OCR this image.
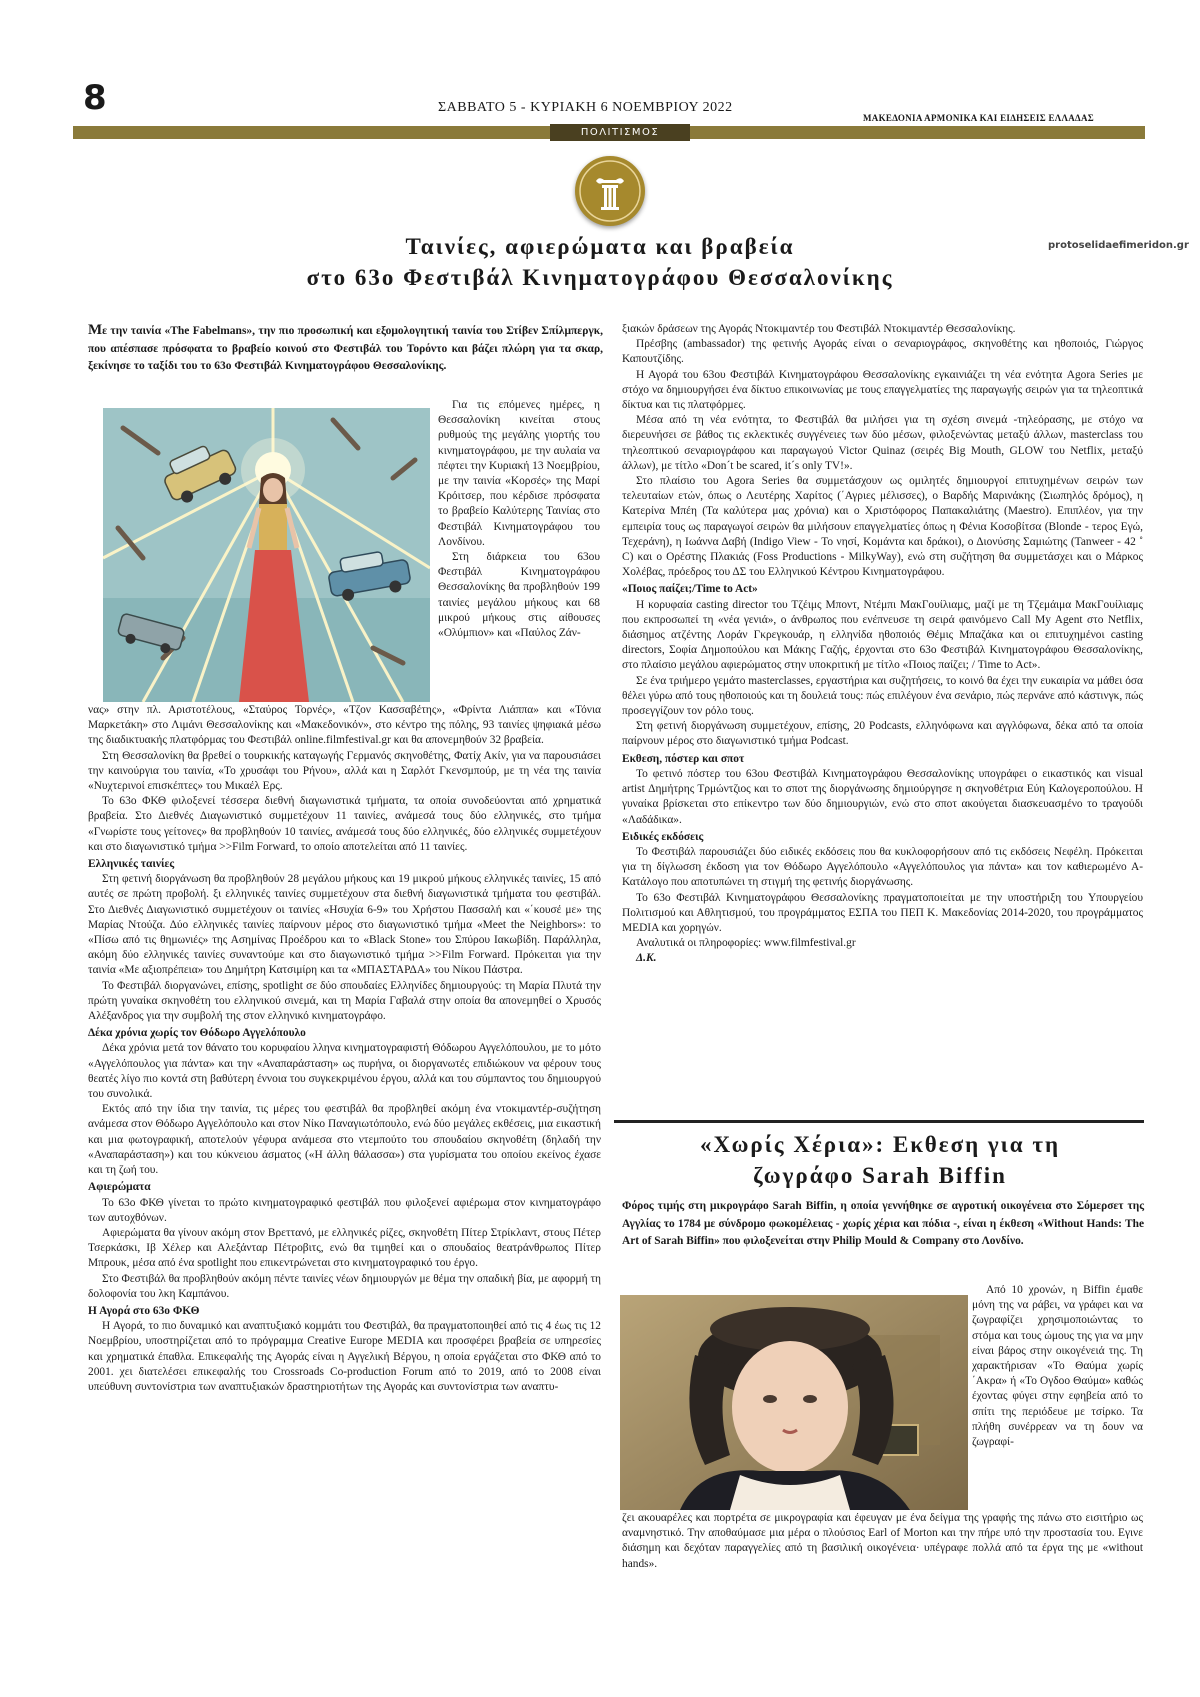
8	ΣΑΒΒΑΤΟ 5 - ΚΥΡΙΑΚΗ 6 ΝΟΕΜΒΡΙΟΥ 2022
ΜΑΚΕΔΟΝΙΑ ΑΡΜΟΝΙΚΑ ΚΑΙ ΕΙΔΗΣΕΙΣ ΕΛΛΑΔΑΣ
ΠΟΛΙΤΙΣΜΟΣ
protoselidaefimeridon.gr
Ταινίες, αφιερώματα και βραβεία
στο 63ο Φεστιβάλ Κινηματογράφου Θεσσαλονίκης
Με την ταινία «The Fabelmans», την πιο προσωπική και εξομολογητική ταινία του Στίβεν Σπίλμπεργκ, που απέσπασε πρόσφατα το βραβείο κοινού στο Φεστιβάλ του Τορόντο και βάζει πλώρη για τα σκαρ, ξεκίνησε το ταξίδι του το 63ο Φεστιβάλ Κινηματογράφου Θεσσαλονίκης.

Για τις επόμενες ημέρες, η Θεσσαλονίκη κινείται στους ρυθμούς της μεγάλης γιορτής του κινηματογράφου, με την αυλαία να πέφτει την Κυριακή 13 Νοεμβρίου, με την ταινία «Κορσές» της Μαρί Κρόιτσερ, που κέρδισε πρόσφατα το βραβείο Καλύτερης Ταινίας στο Φεστιβάλ Κινηματογράφου του Λονδίνου.

Στη διάρκεια του 63ου Φεστιβάλ Κινηματογράφου Θεσσαλονίκης θα προβληθούν 199 ταινίες μεγάλου μήκους και 68 μικρού μήκους στις αίθουσες «Ολύμπιον» και «Παύλος Ζάν-

νας» στην πλ. Αριστοτέλους, «Σταύρος Τορνές», «Τζον Κασσαβέτης», «Φρίντα Λιάππα» και «Τόνια Μαρκετάκη» στο Λιμάνι Θεσσαλονίκης και «Μακεδονικόν», στο κέντρο της πόλης, 93 ταινίες ψηφιακά μέσω της διαδικτυακής πλατφόρμας του Φεστιβάλ online.filmfestival.gr και θα απονεμηθούν 32 βραβεία.

Στη Θεσσαλονίκη θα βρεθεί ο τουρκικής καταγωγής Γερμανός σκηνοθέτης, Φατίχ Ακίν, για να παρουσιάσει την καινούργια του ταινία, «Το χρυσάφι του Ρήνου», αλλά και η Σαρλότ Γκενσμπούρ, με τη νέα της ταινία «Νυχτερινοί επισκέπτες» του Μικαέλ Ερς.

Το 63ο ΦΚΘ φιλοξενεί τέσσερα διεθνή διαγωνιστικά τμήματα, τα οποία συνοδεύονται από χρηματικά βραβεία. Στο Διεθνές Διαγωνιστικό συμμετέχουν 11 ταινίες, ανάμεσά τους δύο ελληνικές, στο τμήμα «Γνωρίστε τους γείτονες» θα προβληθούν 10 ταινίες, ανάμεσά τους δύο ελληνικές, δύο ελληνικές συμμετέχουν και στο διαγωνιστικό τμήμα >>Film Forward, το οποίο αποτελείται από 11 ταινίες.

Ελληνικές ταινίες

Στη φετινή διοργάνωση θα προβληθούν 28 μεγάλου μήκους και 19 μικρού μήκους ελληνικές ταινίες, 15 από αυτές σε πρώτη προβολή. ξι ελληνικές ταινίες συμμετέχουν στα διεθνή διαγωνιστικά τμήματα του φεστιβάλ. Στο Διεθνές Διαγωνιστικό συμμετέχουν οι ταινίες «Ησυχία 6-9» του Χρήστου Πασσαλή και «΄κουσέ με» της Μαρίας Ντούζα. Δύο ελληνικές ταινίες παίρνουν μέρος στο διαγωνιστικό τμήμα «Meet the Neighbors»: το «Πίσω από τις θημωνιές» της Ασημίνας Προέδρου και το «Black Stone» του Σπύρου Ιακωβίδη. Παράλληλα, ακόμη δύο ελληνικές ταινίες συναντούμε και στο διαγωνιστικό τμήμα >>Film Forward. Πρόκειται για την ταινία «Με αξιοπρέπεια» του Δημήτρη Κατσιμίρη και τα «ΜΠΑΣΤΑΡΔΑ» του Νίκου Πάστρα.

Το Φεστιβάλ διοργανώνει, επίσης, spotlight σε δύο σπουδαίες Ελληνίδες δημιουργούς: τη Μαρία Πλυτά την πρώτη γυναίκα σκηνοθέτη του ελληνικού σινεμά, και τη Μαρία Γαβαλά στην οποία θα απονεμηθεί ο Χρυσός Αλέξανδρος για την συμβολή της στον ελληνικό κινηματογράφο.

Δέκα χρόνια χωρίς τον Θόδωρο Αγγελόπουλο

Δέκα χρόνια μετά τον θάνατο του κορυφαίου λληνα κινηματογραφιστή Θόδωρου Αγγελόπουλου, με το μότο «Αγγελόπουλος για πάντα» και την «Αναπαράσταση» ως πυρήνα, οι διοργανωτές επιδιώκουν να φέρουν τους θεατές λίγο πιο κοντά στη βαθύτερη έννοια του συγκεκριμένου έργου, αλλά και του σύμπαντος του δημιουργού του συνολικά.

Εκτός από την ίδια την ταινία, τις μέρες του φεστιβάλ θα προβληθεί ακόμη ένα ντοκιμαντέρ-συζήτηση ανάμεσα στον Θόδωρο Αγγελόπουλο και στον Νίκο Παναγιωτόπουλο, ενώ δύο μεγάλες εκθέσεις, μια εικαστική και μια φωτογραφική, αποτελούν γέφυρα ανάμεσα στο ντεμπούτο του σπουδαίου σκηνοθέτη (δηλαδή την «Αναπαράσταση») και του κύκνειου άσματος («Η άλλη θάλασσα») στα γυρίσματα του οποίου εκείνος έχασε και τη ζωή του.

Αφιερώματα

Το 63ο ΦΚΘ γίνεται το πρώτο κινηματογραφικό φεστιβάλ που φιλοξενεί αφιέρωμα στον κινηματογράφο των αυτοχθόνων.

Αφιερώματα θα γίνουν ακόμη στον Βρεττανό, με ελληνικές ρίζες, σκηνοθέτη Πίτερ Στρίκλαντ, στους Πέτερ Τσερκάσκι, Ιβ Χέλερ και Αλεξάνταρ Πέτροβιτς, ενώ θα τιμηθεί και ο σπουδαίος θεατράνθρωπος Πίτερ Μπρουκ, μέσα από ένα spotlight που επικεντρώνεται στο κινηματογραφικό του έργο.

Στο Φεστιβάλ θα προβληθούν ακόμη πέντε ταινίες νέων δημιουργών με θέμα την οπαδική βία, με αφορμή τη δολοφονία του λκη Καμπάνου.

Η Αγορά στο 63ο ΦΚΘ

Η Αγορά, το πιο δυναμικό και αναπτυξιακό κομμάτι του Φεστιβάλ, θα πραγματοποιηθεί από τις 4 έως τις 12 Νοεμβρίου, υποστηρίζεται από το πρόγραμμα Creative Europe MEDIA και προσφέρει βραβεία σε υπηρεσίες και χρηματικά έπαθλα. Επικεφαλής της Αγοράς είναι η Αγγελική Βέργου, η οποία εργάζεται στο ΦΚΘ από το 2001. χει διατελέσει επικεφαλής του Crossroads Co-production Forum από το 2019, από το 2008 είναι υπεύθυνη συντονίστρια των αναπτυξιακών δραστηριοτήτων της Αγοράς και συντονίστρια των αναπτυ-

ξιακών δράσεων της Αγοράς Ντοκιμαντέρ του Φεστιβάλ Ντοκιμαντέρ Θεσσαλονίκης.

Πρέσβης (ambassador) της φετινής Αγοράς είναι ο σεναριογράφος, σκηνοθέτης και ηθοποιός, Γιώργος Καπουτζίδης.

Η Αγορά του 63ου Φεστιβάλ Κινηματογράφου Θεσσαλονίκης εγκαινιάζει τη νέα ενότητα Agora Series με στόχο να δημιουργήσει ένα δίκτυο επικοινωνίας με τους επαγγελματίες της παραγωγής σειρών για τα τηλεοπτικά δίκτυα και τις πλατφόρμες.

Μέσα από τη νέα ενότητα, το Φεστιβάλ θα μιλήσει για τη σχέση σινεμά -τηλεόρασης, με στόχο να διερευνήσει σε βάθος τις εκλεκτικές συγγένειες των δύο μέσων, φιλοξενώντας μεταξύ άλλων, masterclass του τηλεοπτικού σεναριογράφου και παραγωγού Victor Quinaz (σειρές Big Mouth, GLOW του Netflix, μεταξύ άλλων), με τίτλο «Don´t be scared, it´s only TV!».

Στο πλαίσιο του Agora Series θα συμμετάσχουν ως ομιλητές δημιουργοί επιτυχημένων σειρών των τελευταίων ετών, όπως ο Λευτέρης Χαρίτος (΄Αγριες μέλισσες), ο Βαρδής Μαρινάκης (Σιωπηλός δρόμος), η Κατερίνα Μπέη (Τα καλύτερα μας χρόνια) και ο Χριστόφορος Παπακαλιάτης (Maestro). Επιπλέον, για την εμπειρία τους ως παραγωγοί σειρών θα μιλήσουν επαγγελματίες όπως η Φένια Κοσοβίτσα (Blonde - τερος Εγώ, Τεχεράνη), η Ιωάννα Δαβή (Indigo View - Το νησί, Κομάντα και δράκοι), ο Διονύσης Σαμιώτης (Tanweer - 42 ˚ C) και ο Ορέστης Πλακιάς (Foss Productions - MilkyWay), ενώ στη συζήτηση θα συμμετάσχει και ο Μάρκος Χολέβας, πρόεδρος του ΔΣ του Ελληνικού Κέντρου Κινηματογράφου.

«Ποιος παίζει;/Time to Act»

Η κορυφαία casting director του Τζέιμς Μποντ, Ντέμπι ΜακΓουίλιαμς, μαζί με τη Τζεμάιμα ΜακΓουίλιαμς που εκπροσωπεί τη «νέα γενιά», ο άνθρωπος που ενέπνευσε τη σειρά φαινόμενο Call My Agent στο Netflix, διάσημος ατζέντης Λοράν Γκρεγκουάρ, η ελληνίδα ηθοποιός Θέμις Μπαζάκα και οι επιτυχημένοι casting directors, Σοφία Δημοπούλου και Μάκης Γαζής, έρχονται στο 63ο Φεστιβάλ Κινηματογράφου Θεσσαλονίκης, στο πλαίσιο μεγάλου αφιερώματος στην υποκριτική με τίτλο «Ποιος παίζει; / Time to Act».

Σε ένα τριήμερο γεμάτο masterclasses, εργαστήρια και συζητήσεις, το κοινό θα έχει την ευκαιρία να μάθει όσα θέλει γύρω από τους ηθοποιούς και τη δουλειά τους: πώς επιλέγουν ένα σενάριο, πώς περνάνε από κάστινγκ, πώς προσεγγίζουν τον ρόλο τους.

Στη φετινή διοργάνωση συμμετέχουν, επίσης, 20 Podcasts, ελληνόφωνα και αγγλόφωνα, δέκα από τα οποία παίρνουν μέρος στο διαγωνιστικό τμήμα Podcast.

Εκθεση, πόστερ και σποτ

Το φετινό πόστερ του 63ου Φεστιβάλ Κινηματογράφου Θεσσαλονίκης υπογράφει ο εικαστικός και visual artist Δημήτρης Τρμώντζιος και το σποτ της διοργάνωσης δημιούργησε η σκηνοθέτρια Εύη Καλογεροπούλου. Η γυναίκα βρίσκεται στο επίκεντρο των δύο δημιουργιών, ενώ στο σποτ ακούγεται διασκευασμένο το τραγούδι «Λαδάδικα».

Ειδικές εκδόσεις

Το Φεστιβάλ παρουσιάζει δύο ειδικές εκδόσεις που θα κυκλοφορήσουν από τις εκδόσεις Νεφέλη. Πρόκειται για τη δίγλωσση έκδοση για τον Θόδωρο Αγγελόπουλο «Αγγελόπουλος για πάντα» και τον καθιερωμένο Α-Κατάλογο που αποτυπώνει τη στιγμή της φετινής διοργάνωσης.

Το 63ο Φεστιβάλ Κινηματογράφου Θεσσαλονίκης πραγματοποιείται με την υποστήριξη του Υπουργείου Πολιτισμού και Αθλητισμού, του προγράμματος ΕΣΠΑ του ΠΕΠ Κ. Μακεδονίας 2014-2020, του προγράμματος MEDIA και χορηγών.

Αναλυτικά οι πληροφορίες: www.filmfestival.gr

Δ.Κ.

«Χωρίς Χέρια»: Εκθεση για τη
ζωγράφο Sarah Biffin
Φόρος τιμής στη μικρογράφο Sarah Biffin, η οποία γεννήθηκε σε αγροτική οικογένεια στο Σόμερσετ της Αγγλίας το 1784 με σύνδρομο φωκομέλειας - χωρίς χέρια και πόδια -, είναι η έκθεση «Without Hands: The Art of Sarah Biffin» που φιλοξενείται στην Philip Mould & Company στο Λονδίνο.

Από 10 χρονών, η Biffin έμαθε μόνη της να ράβει, να γράφει και να ζωγραφίζει χρησιμοποιώντας το στόμα και τους ώμους της για να μην είναι βάρος στην οικογένειά της. Τη χαρακτήρισαν «Το Θαύμα χωρίς ΄Ακρα» ή «Το Ογδοο Θαύμα» καθώς έχοντας φύγει στην εφηβεία από το σπίτι της περιόδευε με τσίρκο. Τα πλήθη συνέρρεαν να τη δουν να ζωγραφί-

ζει ακουαρέλες και πορτρέτα σε μικρογραφία και έφευγαν με ένα δείγμα της γραφής της πάνω στο εισιτήριο ως αναμνηστικό. Την αποθαύμασε μια μέρα ο πλούσιος Earl of Morton και την πήρε υπό την προστασία του. Εγινε διάσημη και δεχόταν παραγγελίες από τη βασιλική οικογένεια· υπέγραφε πολλά από τα έργα της με «without hands».
